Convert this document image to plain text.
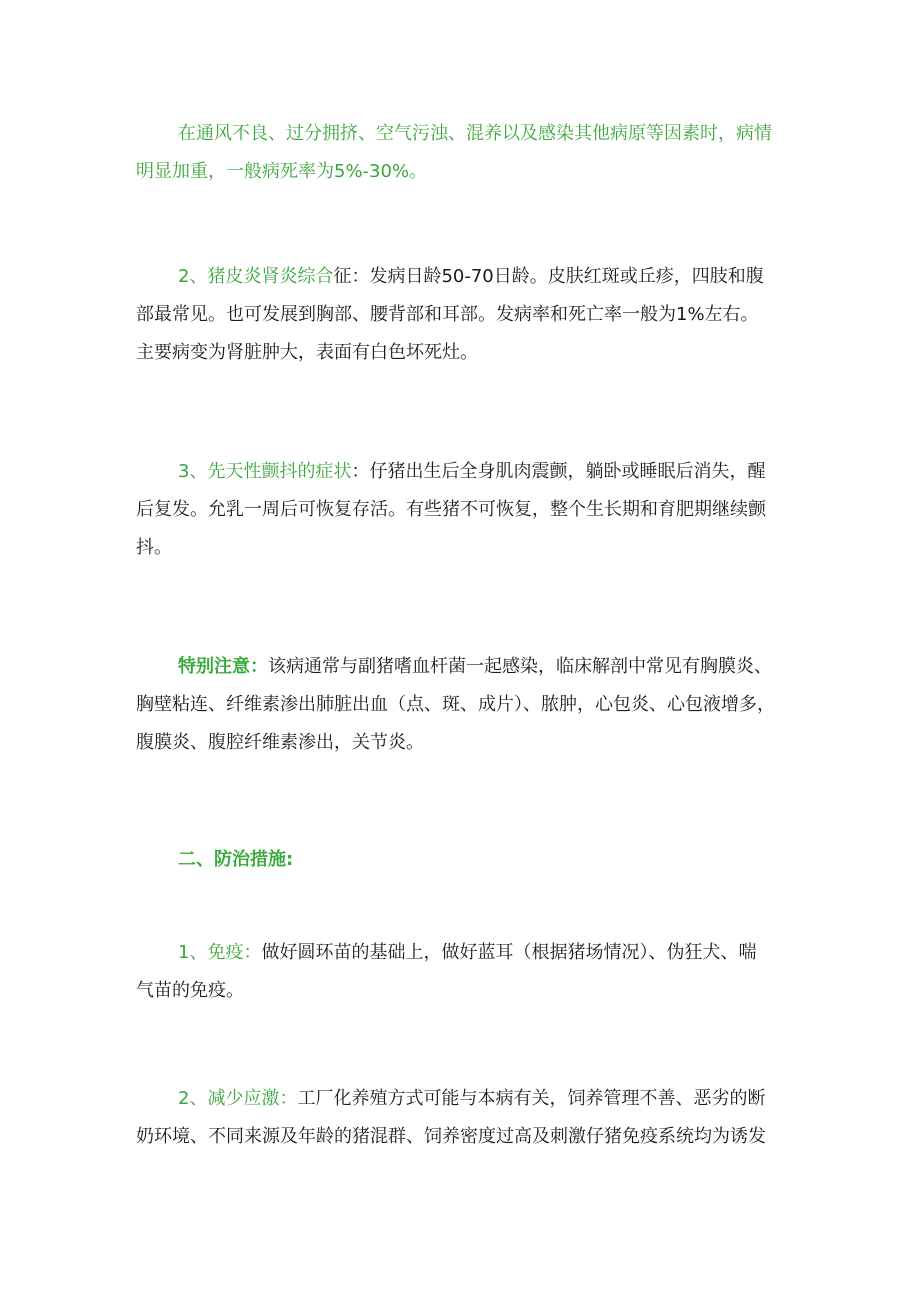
在通风不良、过分拥挤、空气污浊、混养以及感染其他病原等因素时，病情
明显加重，一般病死率为5%-30%。
2、猪皮炎肾炎综合征：发病日龄50-70日龄。皮肤红斑或丘疹，四肢和腹
部最常见。也可发展到胸部、腰背部和耳部。发病率和死亡率一般为1%左右。
主要病变为肾脏肿大，表面有白色坏死灶。
3、先天性颤抖的症状：仔猪出生后全身肌肉震颤，躺卧或睡眠后消失，醒
后复发。允乳一周后可恢复存活。有些猪不可恢复，整个生长期和育肥期继续颤
抖。
特别注意：该病通常与副猪嗜血杆菌一起感染，临床解剖中常见有胸膜炎、
胸壁粘连、纤维素渗出肺脏出血（点、斑、成片）、脓肿，心包炎、心包液增多，
腹膜炎、腹腔纤维素渗出，关节炎。
二、防治措施:
1、免疫：做好圆环苗的基础上，做好蓝耳（根据猪场情况）、伪狂犬、喘
气苗的免疫。
2、减少应激：工厂化养殖方式可能与本病有关，饲养管理不善、恶劣的断
奶环境、不同来源及年龄的猪混群、饲养密度过高及刺激仔猪免疫系统均为诱发
